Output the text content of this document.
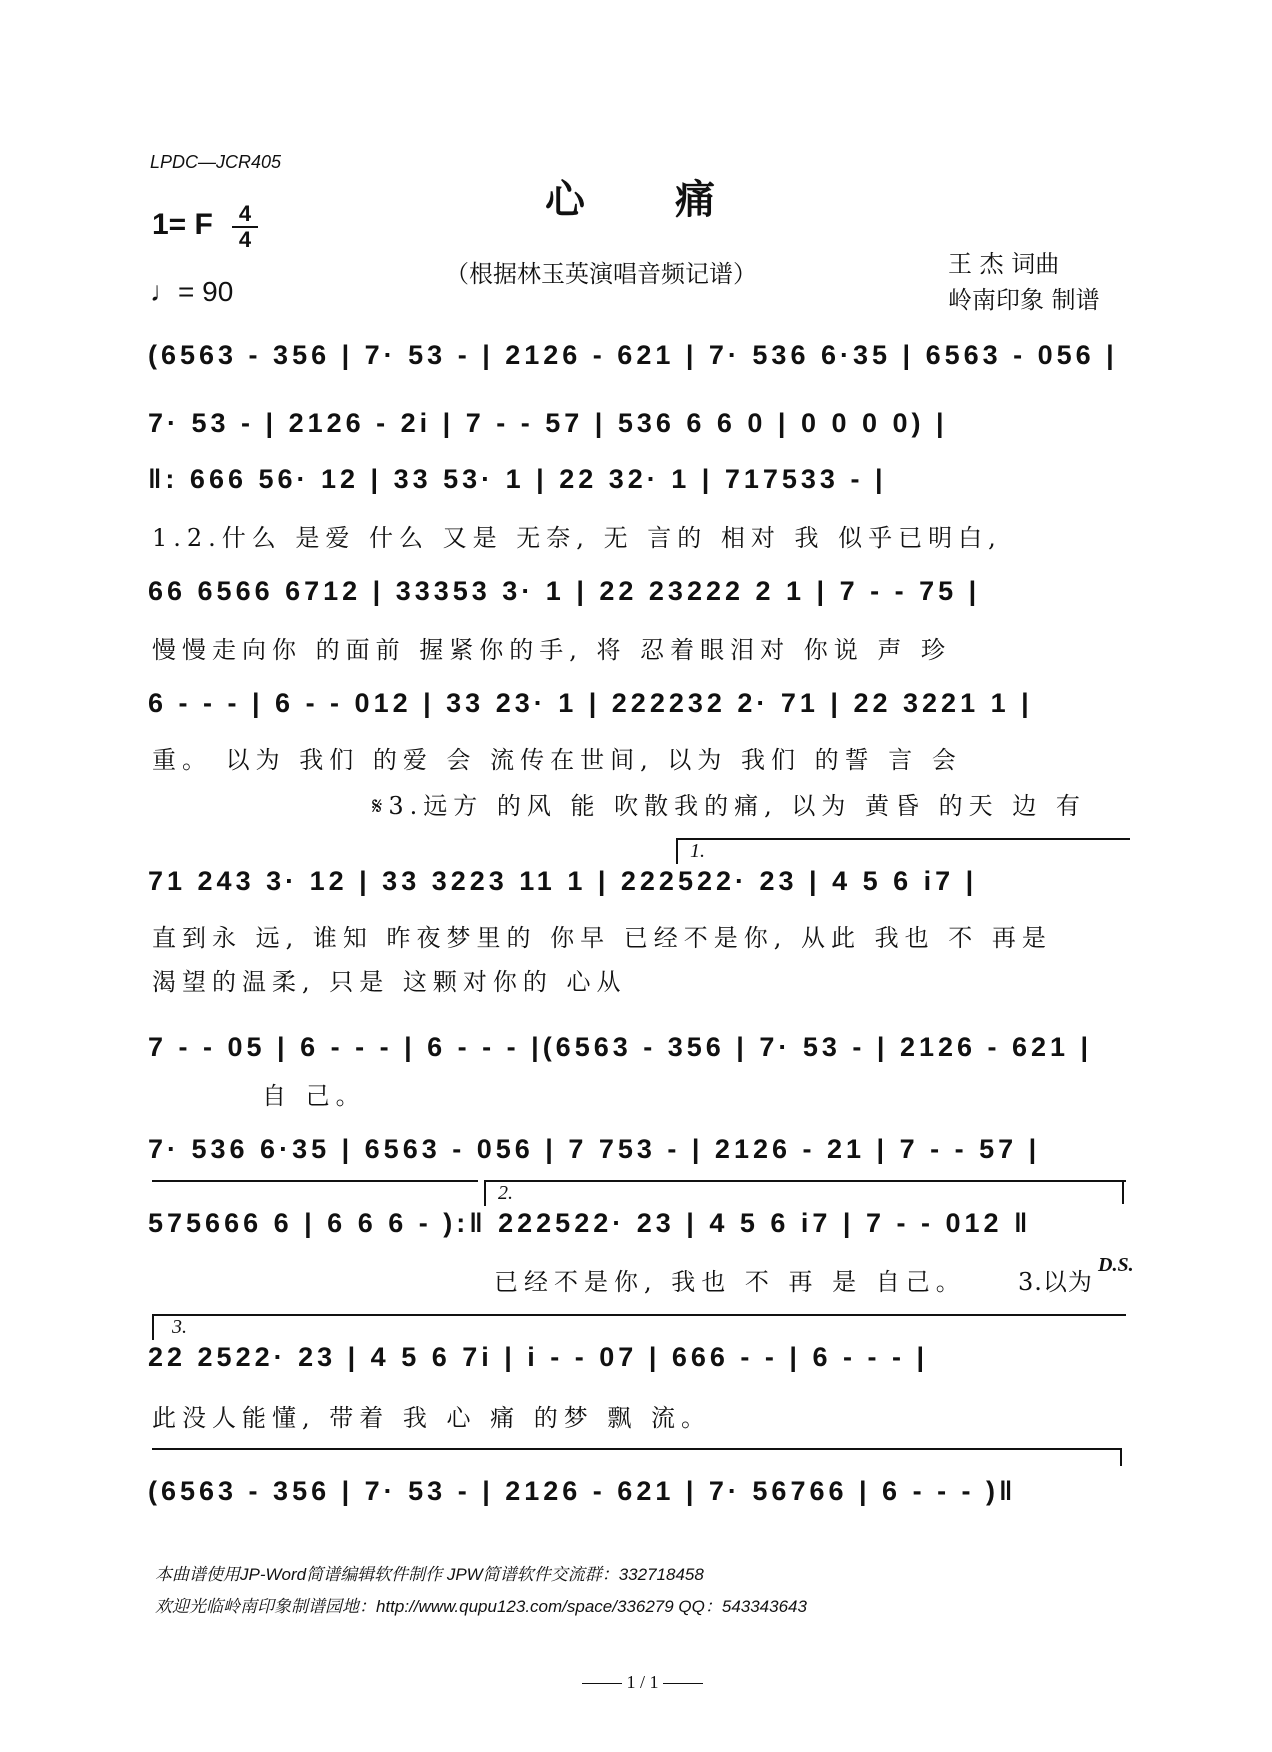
LPDC—JCR405
心痛
1= F	4
4
♩= 90
（根据林玉英演唱音频记谱）	王 杰 词曲
岭南印象 制谱
(6563 - 356 | 7· 53 - | 2126 - 621 | 7· 536 6·35 | 6563 - 056 |
7· 53 - | 2126 - 2i | 7 - - 57 | 536 6 6 0 | 0 0 0 0) |
‖: 666 56· 12 | 33 53· 1 | 22 32· 1 | 717533 - |
1.2.什么 是爱 什么 又是 无奈, 无 言的 相对 我 似乎已明白,
66 6566 6712 | 33353 3· 1 | 22 23222 2 1 | 7 - - 75 |
慢慢走向你 的面前 握紧你的手, 将 忍着眼泪对 你说 声 珍
6 - - - | 6 - - 012 | 33 23· 1 | 222232 2· 71 | 22 3221 1 |
重。 以为 我们 的爱 会 流传在世间, 以为 我们 的誓 言 会
𝄋3.远方 的风 能 吹散我的痛, 以为 黄昏 的天 边 有
1.
71 243 3· 12 | 33 3223 11 1 | 222522· 23 | 4 5 6 i7 |
直到永 远, 谁知 昨夜梦里的 你早 已经不是你, 从此 我也 不 再是
渴望的温柔, 只是 这颗对你的 心从
7 - - 05 | 6 - - - | 6 - - - |(6563 - 356 | 7· 53 - | 2126 - 621 |
自 己。
7· 536 6·35 | 6563 - 056 | 7 753 - | 2126 - 21 | 7 - - 57 |
2.
575666 6 | 6 6 6 - ):‖ 222522· 23 | 4 5 6 i7 | 7 - - 012 ‖
已经不是你, 我也 不 再 是 自己。	3.以为
D.S.
3.
22 2522· 23 | 4 5 6 7i | i - - 07 | 666 - - | 6 - - - |
此没人能懂, 带着 我 心 痛 的梦 飘 流。
(6563 - 356 | 7· 53 - | 2126 - 621 | 7· 56766 | 6 - - - )‖
本曲谱使用JP-Word简谱编辑软件制作 JPW简谱软件交流群：332718458
欢迎光临岭南印象制谱园地：http://www.qupu123.com/space/336279 QQ：543343643
1 / 1
